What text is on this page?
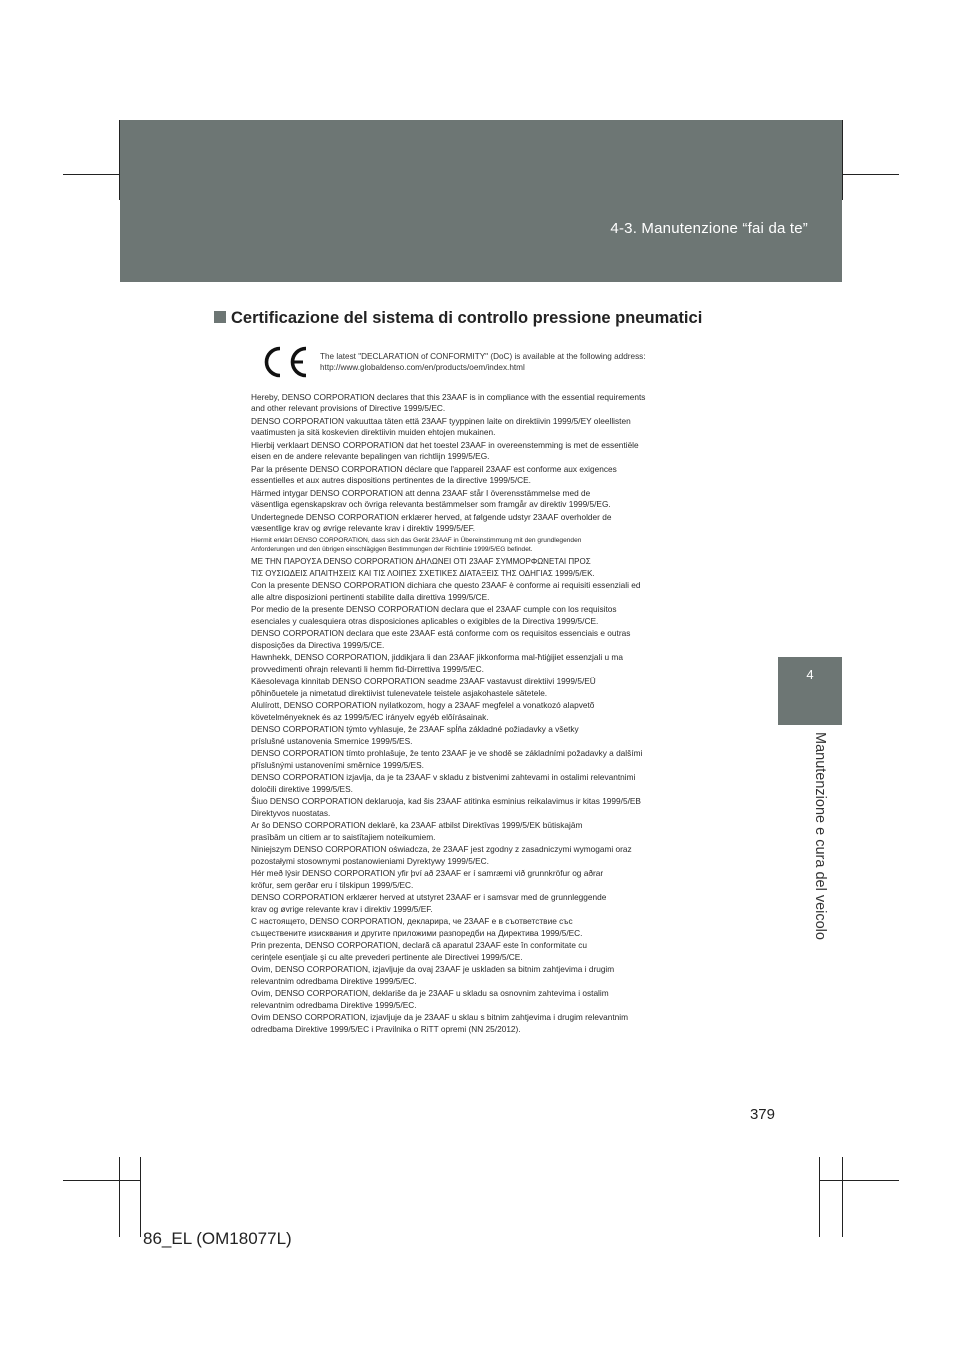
4-3. Manutenzione “fai da te”
4
Manutenzione e cura del veicolo
Certificazione del sistema di controllo pressione pneumatici
The latest "DECLARATION of CONFORMITY" (DoC) is available at the following address:
http://www.globaldenso.com/en/products/oem/index.html
Hereby, DENSO CORPORATION declares that this 23AAF is in compliance with the essential requirements
and other relevant provisions of Directive 1999/5/EC.
DENSO CORPORATION vakuuttaa täten että 23AAF tyyppinen laite on direktiivin 1999/5/EY oleellisten
vaatimusten ja sitä koskevien direktiivin muiden ehtojen mukainen.
Hierbij verklaart DENSO CORPORATION dat het toestel 23AAF in overeenstemming is met de essentiële
eisen en de andere relevante bepalingen van richtlijn 1999/5/EG.
Par la présente DENSO CORPORATION déclare que l'appareil 23AAF est conforme aux exigences
essentielles et aux autres dispositions pertinentes de la directive 1999/5/CE.
Härmed intygar DENSO CORPORATION att denna 23AAF står I överensstämmelse med de
väsentliga egenskapskrav och övriga relevanta bestämmelser som framgår av direktiv 1999/5/EG.
Undertegnede DENSO CORPORATION erklærer herved, at følgende udstyr 23AAF overholder de
væsentlige krav og øvrige relevante krav i direktiv 1999/5/EF.
Hiermit erklärt DENSO CORPORATION, dass sich das Gerät 23AAF in Übereinstimmung mit den grundlegenden
Anforderungen und den übrigen einschlägigen Bestimmungen der Richtlinie 1999/5/EG befindet.
ΜΕ ΤΗΝ ΠΑΡΟΥΣΑ DENSO CORPORATION ΔΗΛΩΝΕΙ ΟΤΙ 23AAF ΣΥΜΜΟΡΦΩΝΕΤΑΙ ΠΡΟΣ
ΤΙΣ ΟΥΣΙΩΔΕΙΣ ΑΠΑΙΤΗΣΕΙΣ ΚΑΙ ΤΙΣ ΛΟΙΠΕΣ ΣΧΕΤΙΚΕΣ ΔΙΑΤΑΞΕΙΣ ΤΗΣ ΟΔΗΓΙΑΣ 1999/5/ΕΚ.
Con la presente DENSO CORPORATION dichiara che questo 23AAF è conforme ai requisiti essenziali ed
alle altre disposizioni pertinenti stabilite dalla direttiva 1999/5/CE.
Por medio de la presente DENSO CORPORATION declara que el 23AAF cumple con los requisitos
esenciales y cualesquiera otras disposiciones aplicables o exigibles de la Directiva 1999/5/CE.
DENSO CORPORATION declara que este 23AAF está conforme com os requisitos essenciais e outras
disposições da Directiva 1999/5/CE.
Hawnhekk, DENSO CORPORATION, jiddikjara li dan 23AAF jikkonforma mal-ħtiġijiet essenzjali u ma
provvedimenti oħrajn relevanti li hemm fid-Dirrettiva 1999/5/EC.
Käesolevaga kinnitab DENSO CORPORATION seadme 23AAF vastavust direktiivi 1999/5/EÜ
põhinõuetele ja nimetatud direktiivist tulenevatele teistele asjakohastele sätetele.
Alulírott, DENSO CORPORATION nyilatkozom, hogy a 23AAF megfelel a vonatkozó alapvetõ
követelményeknek és az 1999/5/EC irányelv egyéb elõírásainak.
DENSO CORPORATION týmto vyhlasuje, že 23AAF spĺňa základné požiadavky a všetky
príslušné ustanovenia Smernice 1999/5/ES.
DENSO CORPORATION tímto prohlašuje, že tento 23AAF je ve shodě se základními požadavky a dalšími
příslušnými ustanoveními směrnice 1999/5/ES.
DENSO CORPORATION izjavlja, da je ta 23AAF v skladu z bistvenimi zahtevami in ostalimi relevantnimi
določili direktive 1999/5/ES.
Šiuo DENSO CORPORATION deklaruoja, kad šis 23AAF atitinka esminius reikalavimus ir kitas 1999/5/EB
Direktyvos nuostatas.
Ar šo DENSO CORPORATION deklarē, ka 23AAF atbilst Direktīvas 1999/5/EK būtiskajām
prasībām un citiem ar to saistītajiem noteikumiem.
Niniejszym DENSO CORPORATION oświadcza, że 23AAF jest zgodny z zasadniczymi wymogami oraz
pozostałymi stosownymi postanowieniami Dyrektywy 1999/5/EC.
Hér með lýsir DENSO CORPORATION yfir því að 23AAF er í samræmi við grunnkröfur og aðrar
kröfur, sem gerðar eru í tilskipun 1999/5/EC.
DENSO CORPORATION erklærer herved at utstyret 23AAF er i samsvar med de grunnleggende
krav og øvrige relevante krav i direktiv 1999/5/EF.
С настоящето, DENSO CORPORATION, декларира, че 23AAF е в съответствие със
съществените изисквания и другите приложими разпоредби на Директива 1999/5/EC.
Prin prezenta, DENSO CORPORATION, declară că aparatul 23AAF este în conformitate cu
cerinţele esenţiale şi cu alte prevederi pertinente ale Directivei 1999/5/CE.
Ovim, DENSO CORPORATION, izjavljuje da ovaj 23AAF je uskladen sa bitnim zahtjevima i drugim
relevantnim odredbama Direktive 1999/5/EC.
Ovim, DENSO CORPORATION, deklariše da je 23AAF u skladu sa osnovnim zahtevima i ostalim
relevantnim odredbama Direktive 1999/5/EC.
Ovim DENSO CORPORATION, izjavljuje da je 23AAF u sklau s bitnim zahtjevima i drugim relevantnim
odredbama Direktive 1999/5/EC i Pravilnika o RiTT opremi (NN 25/2012).
379
86_EL (OM18077L)
